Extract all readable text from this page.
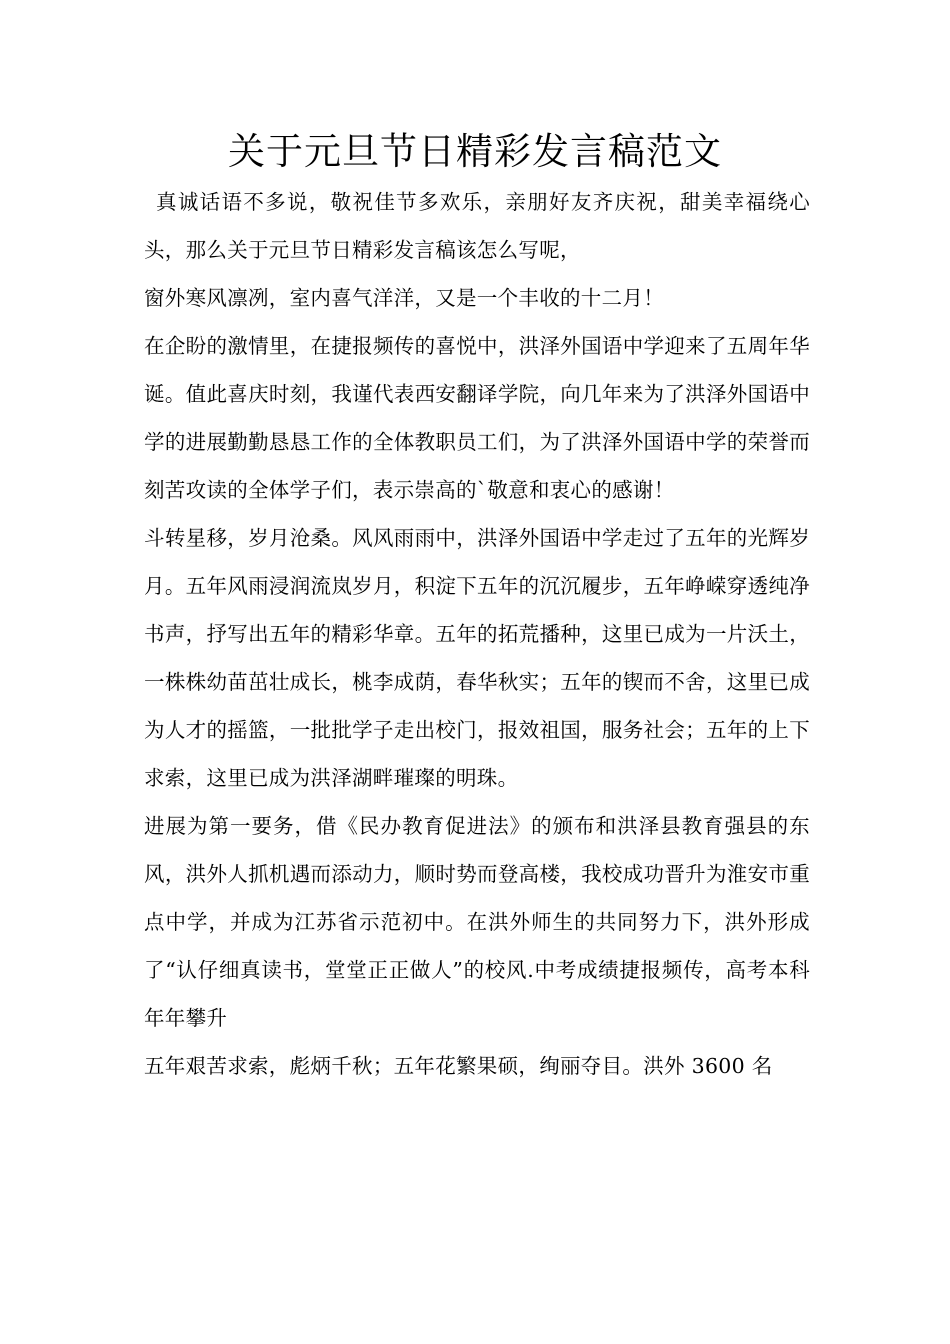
关于元旦节日精彩发言稿范文

真诚话语不多说，敬祝佳节多欢乐，亲朋好友齐庆祝，甜美幸福绕心头，那么关于元旦节日精彩发言稿该怎么写呢，

窗外寒风凛冽，室内喜气洋洋，又是一个丰收的十二月！

在企盼的激情里，在捷报频传的喜悦中，洪泽外国语中学迎来了五周年华诞。值此喜庆时刻，我谨代表西安翻译学院，向几年来为了洪泽外国语中学的进展勤勤恳恳工作的全体教职员工们，为了洪泽外国语中学的荣誉而刻苦攻读的全体学子们，表示崇高的`敬意和衷心的感谢！

斗转星移，岁月沧桑。风风雨雨中，洪泽外国语中学走过了五年的光辉岁月。五年风雨浸润流岚岁月，积淀下五年的沉沉履步，五年峥嵘穿透纯净书声，抒写出五年的精彩华章。五年的拓荒播种，这里已成为一片沃土，一株株幼苗茁壮成长，桃李成荫，春华秋实；五年的锲而不舍，这里已成为人才的摇篮，一批批学子走出校门，报效祖国，服务社会；五年的上下求索，这里已成为洪泽湖畔璀璨的明珠。

进展为第一要务，借《民办教育促进法》的颁布和洪泽县教育强县的东风，洪外人抓机遇而添动力，顺时势而登高楼，我校成功晋升为淮安市重点中学，并成为江苏省示范初中。在洪外师生的共同努力下，洪外形成了“认仔细真读书，堂堂正正做人”的校风.中考成绩捷报频传，高考本科年年攀升

五年艰苦求索，彪炳千秋；五年花繁果硕，绚丽夺目。洪外 3600 名
